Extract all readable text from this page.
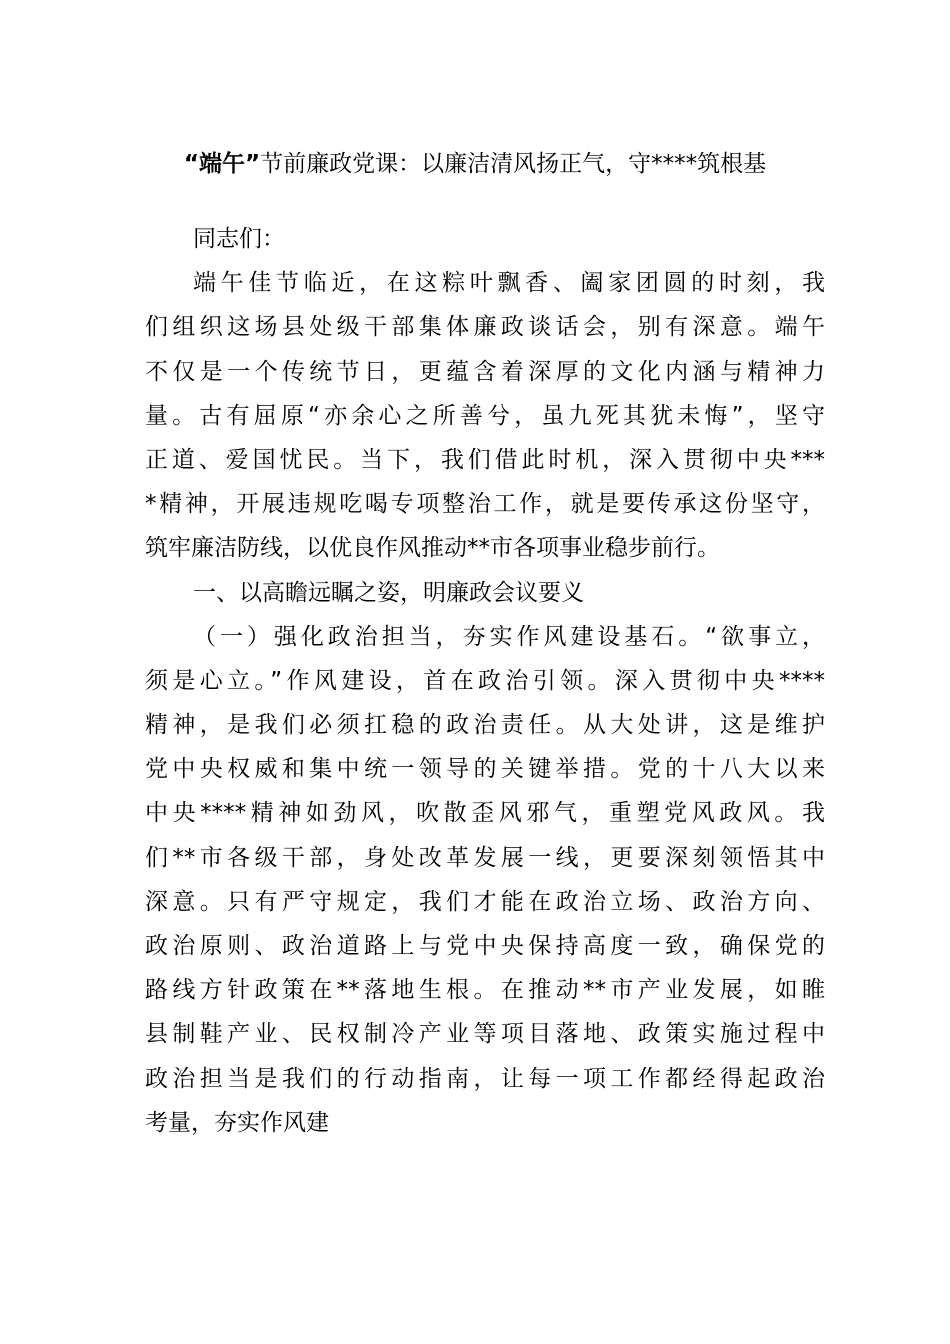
“端午”节前廉政党课：以廉洁清风扬正气，守****筑根基
同志们：
端午佳节临近，在这粽叶飘香、阖家团圆的时刻，我
们组织这场县处级干部集体廉政谈话会，别有深意。端午
不仅是一个传统节日，更蕴含着深厚的文化内涵与精神力
量。古有屈原“亦余心之所善兮，虽九死其犹未悔”，坚守
正道、爱国忧民。当下，我们借此时机，深入贯彻中央***
*精神，开展违规吃喝专项整治工作，就是要传承这份坚守，
筑牢廉洁防线，以优良作风推动**市各项事业稳步前行。
一、以高瞻远瞩之姿，明廉政会议要义
（一）强化政治担当，夯实作风建设基石。“欲事立，
须是心立。”作风建设，首在政治引领。深入贯彻中央****
精神，是我们必须扛稳的政治责任。从大处讲，这是维护
党中央权威和集中统一领导的关键举措。党的十八大以来
中央****精神如劲风，吹散歪风邪气，重塑党风政风。我
们**市各级干部，身处改革发展一线，更要深刻领悟其中
深意。只有严守规定，我们才能在政治立场、政治方向、
政治原则、政治道路上与党中央保持高度一致，确保党的
路线方针政策在**落地生根。在推动**市产业发展，如睢
县制鞋产业、民权制冷产业等项目落地、政策实施过程中
政治担当是我们的行动指南，让每一项工作都经得起政治
考量，夯实作风建
